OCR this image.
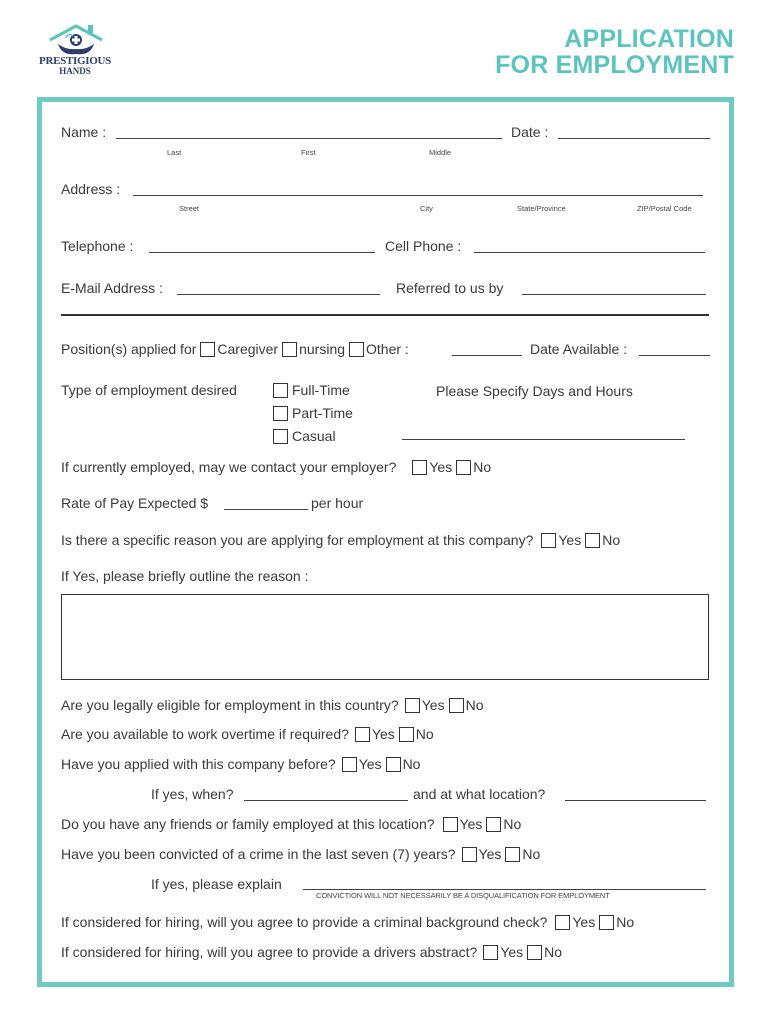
PRESTIGIOUS
HANDS
APPLICATION
FOR EMPLOYMENT
Name :	Date :
Last	First	Middle
Address :
Street	City	State/Province	ZIP/Postal Code
Telephone :	Cell Phone :
E-Mail Address :	Referred to us by
Position(s) applied for Caregiver nursing Other :	Date Available :
Type of employment desired	Full-Time
Part-Time
Casual
Please Specify Days and Hours
If currently employed, may we contact your employer? Yes No
Rate of Pay Expected $	per hour
Is there a specific reason you are applying for employment at this company? Yes No
If Yes, please briefly outline the reason :
Are you legally eligible for employment in this country? Yes No
Are you available to work overtime if required? Yes No
Have you applied with this company before? Yes No
If yes, when?	and at what location?
Do you have any friends or family employed at this location? Yes No
Have you been convicted of a crime in the last seven (7) years? Yes No
If yes, please explain
CONVICTION WILL NOT NECESSARILY BE A DISQUALIFICATION FOR EMPLOYMENT
If considered for hiring, will you agree to provide a criminal background check? Yes No
If considered for hiring, will you agree to provide a drivers abstract? Yes No
